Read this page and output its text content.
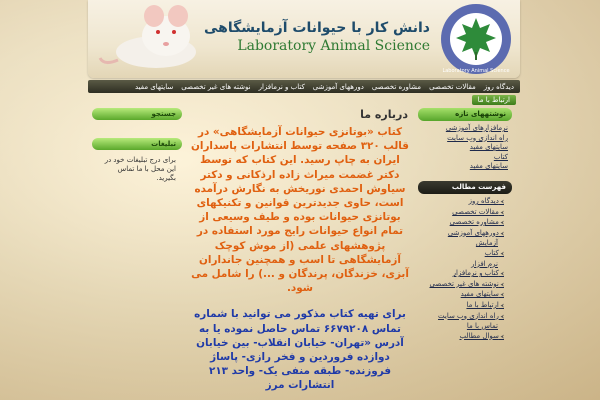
دانش کار با حیوانات آزمایشگاهی
Laboratory Animal Science
Laboratory Animal Science
دیدگاه روز
مقالات تخصصی
مشاوره تخصصی
دورههای آموزشی
کتاب و نرمافزار
نوشته های غیر تخصصی
سایتهای مفید
ارتباط با ما
نوشتههای تازه
نرمافزارهای آموزشی
راه اندازی وب سایت
سایتهای مفید
کتاب
سایتهای مفید
فهرست مطالب
⮜ دیدگاه روز
⮜ مقالات تخصصی
⮜ مشاوره تخصصی
⮜ دورههای آموزشی
آزمایش
⮜ کتاب
نرم افزار
⮜ کتاب و نرمافزار
⮜ نوشته های غیر تخصصی
⮜ سایتهای مفید
⮜ ارتباط با ما
⮜ راه اندازی وب سایت
تماس با ما
⮜ سوال مطالب
جستجو
تبلیغات
برای درج تبلیغات خود در این محل با ما تماس بگیرید.
درباره ما
کتاب «بوتانزی حیوانات آزمایشگاهی» در قالب ۳۲۰ صفحه توسط انتشارات پاسداران ایران به چاپ رسید. این کتاب که توسط دکتر غضمت میراث زاده ارذکانی و دکتر سیاوش احمدی نوریخش به نگارش درآمده است، حاوی جدیدترین قوانین و تکنیکهای بوتانزی حیوانات بوده و طیف وسیعی از تمام انواع حیوانات رایج مورد استفاده در پژوهشهای علمی (از موش کوچک آزمایشگاهی تا اسب و همچنین جانداران آبزی، خزندگان، پرندگان و ...) را شامل می شود.
برای تهیه کتاب مذکور می توانید با شماره تماس ۶۶۷۹۲۰۸ تماس حاصل نموده یا به آدرس «تهران- خیابان انقلاب- بین خیابان دوازده فروردین و فخر رازی- پاساژ فروزنده- طبقه منفی یک- واحد ۲۱۳ انتشارات مرز
